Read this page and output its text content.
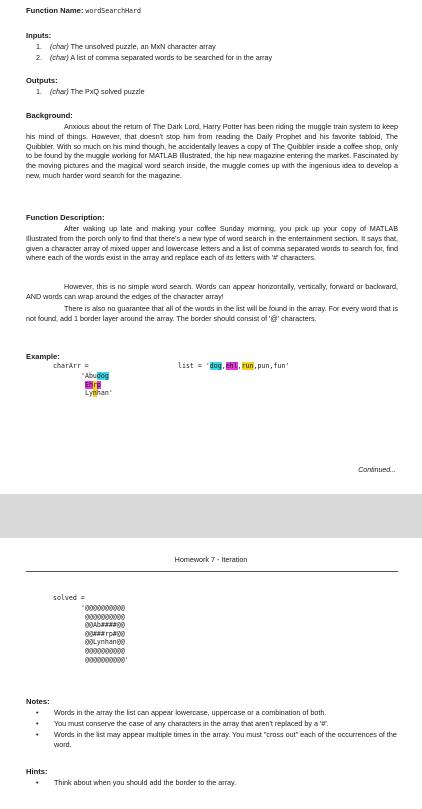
Function Name: wordSearchHard
Inputs:
1. (char) The unsolved puzzle, an MxN character array
2. (char) A list of comma separated words to be searched for in the array
Outputs:
1. (char) The PxQ solved puzzle
Background:

Anxious about the return of The Dark Lord, Harry Potter has been riding the muggle train system to keep his mind of things. However, that doesn't stop him from reading the Daily Prophet and his favorite tabloid, The Quibbler. With so much on his mind though, he accidentally leaves a copy of The Quibbler inside a coffee shop, only to be found by the muggle working for MATLAB Illustrated, the hip new magazine entering the market. Fascinated by the moving pictures and the magical word search inside, the muggle comes up with the ingenious idea to develop a new, much harder word search for the magazine.

Function Description:

After waking up late and making your coffee Sunday morning, you pick up your copy of MATLAB Illustrated from the porch only to find that there's a new type of word search in the entertainment section. It says that, given a character array of mixed upper and lowercase letters and a list of comma separated words to search for, find where each of the words exist in the array and replace each of its letters with '#' characters.

However, this is no simple word search. Words can appear horizontally, vertically, forward or backward, AND words can wrap around the edges of the character array!

There is also no guarantee that all of the words in the list will be found in the array. For every word that is not found, add 1 border layer around the array. The border should consist of '@' characters.

Example:
charArr =
'Abudog
Ehrp
Lynhan'
list = 'dog,ehl,run,pun,fun'
Continued...
Homework 7 - Iteration
solved =
'@@@@@@@@@@
@@@@@@@@@@
@@Ab####@@
@@###rp#@@
@@Lynhan@@
@@@@@@@@@@
@@@@@@@@@@'
Notes:
• Words in the array the list can appear lowercase, uppercase or a combination of both.
• You must conserve the case of any characters in the array that aren't replaced by a '#'.
• Words in the list may appear multiple times in the array. You must "cross out" each of the occurrences of the word.
Hints:
• Think about when you should add the border to the array.
